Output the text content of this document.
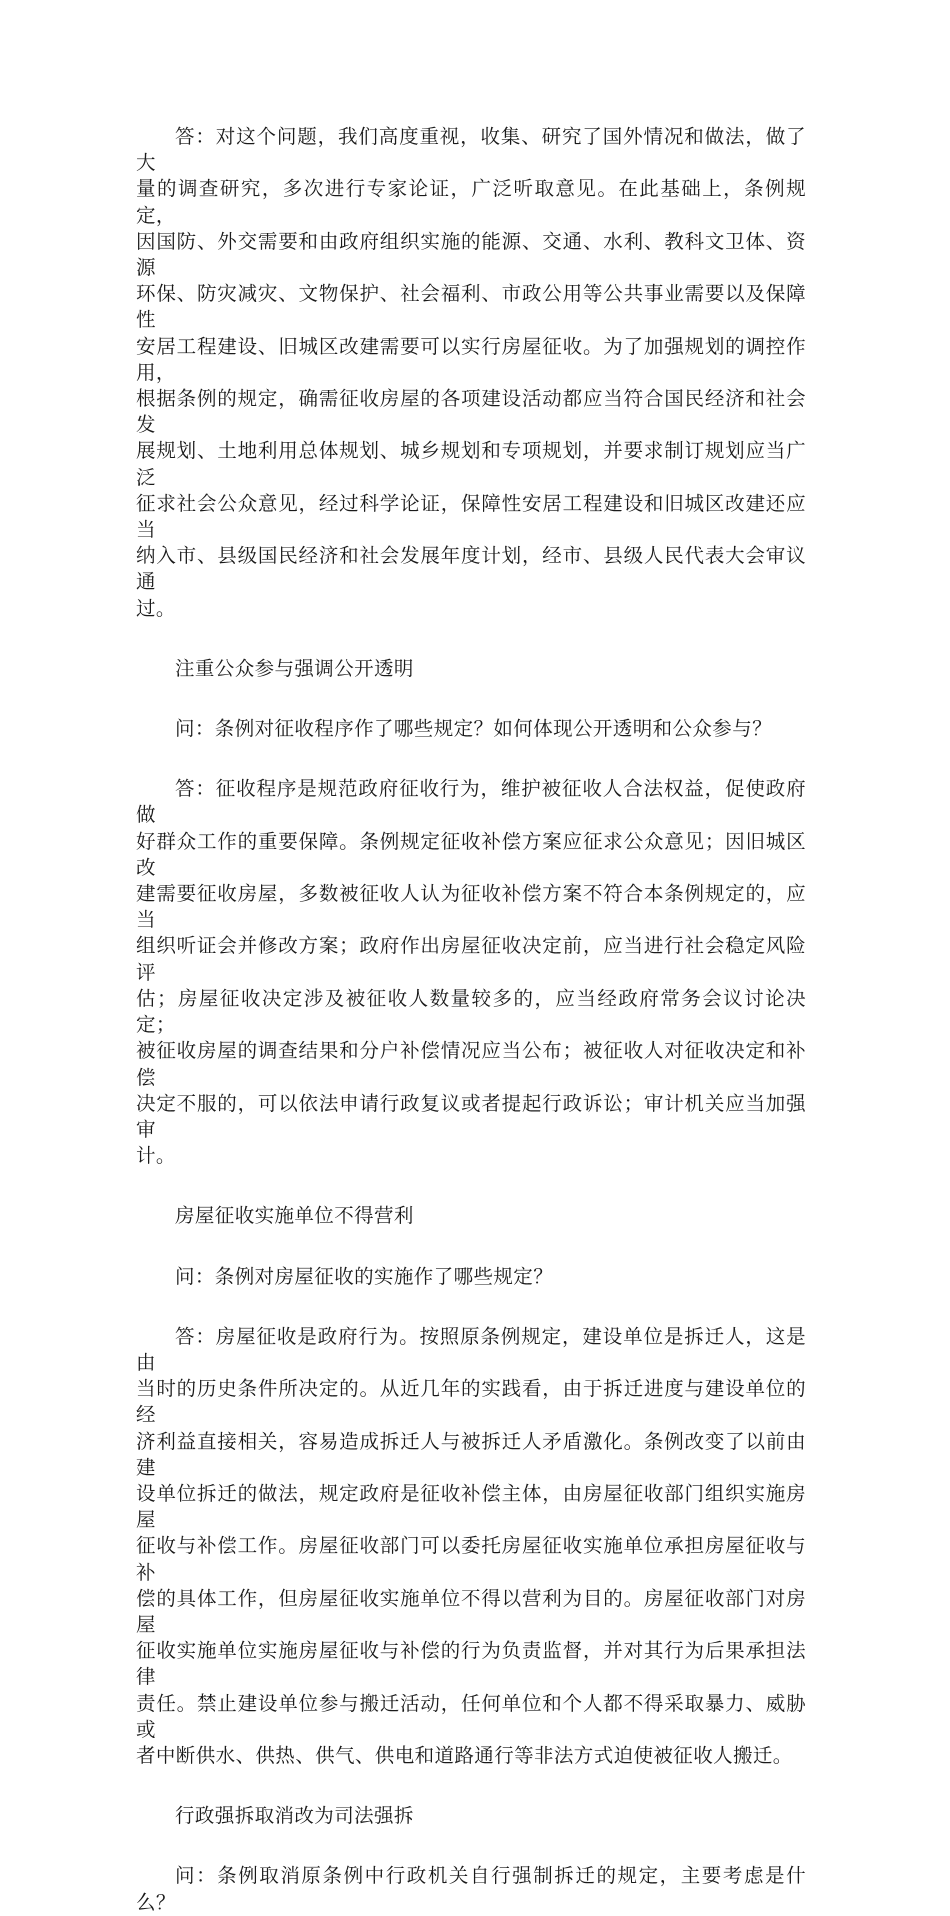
答：对这个问题，我们高度重视，收集、研究了国外情况和做法，做了大
量的调查研究，多次进行专家论证，广泛听取意见。在此基础上，条例规定，
因国防、外交需要和由政府组织实施的能源、交通、水利、教科文卫体、资源
环保、防灾减灾、文物保护、社会福利、市政公用等公共事业需要以及保障性
安居工程建设、旧城区改建需要可以实行房屋征收。为了加强规划的调控作用，
根据条例的规定，确需征收房屋的各项建设活动都应当符合国民经济和社会发
展规划、土地利用总体规划、城乡规划和专项规划，并要求制订规划应当广泛
征求社会公众意见，经过科学论证，保障性安居工程建设和旧城区改建还应当
纳入市、县级国民经济和社会发展年度计划，经市、县级人民代表大会审议通
过。

注重公众参与强调公开透明

问：条例对征收程序作了哪些规定？如何体现公开透明和公众参与？

答：征收程序是规范政府征收行为，维护被征收人合法权益，促使政府做
好群众工作的重要保障。条例规定征收补偿方案应征求公众意见；因旧城区改
建需要征收房屋，多数被征收人认为征收补偿方案不符合本条例规定的，应当
组织听证会并修改方案；政府作出房屋征收决定前，应当进行社会稳定风险评
估；房屋征收决定涉及被征收人数量较多的，应当经政府常务会议讨论决定；
被征收房屋的调查结果和分户补偿情况应当公布；被征收人对征收决定和补偿
决定不服的，可以依法申请行政复议或者提起行政诉讼；审计机关应当加强审
计。

房屋征收实施单位不得营利

问：条例对房屋征收的实施作了哪些规定？

答：房屋征收是政府行为。按照原条例规定，建设单位是拆迁人，这是由
当时的历史条件所决定的。从近几年的实践看，由于拆迁进度与建设单位的经
济利益直接相关，容易造成拆迁人与被拆迁人矛盾激化。条例改变了以前由建
设单位拆迁的做法，规定政府是征收补偿主体，由房屋征收部门组织实施房屋
征收与补偿工作。房屋征收部门可以委托房屋征收实施单位承担房屋征收与补
偿的具体工作，但房屋征收实施单位不得以营利为目的。房屋征收部门对房屋
征收实施单位实施房屋征收与补偿的行为负责监督，并对其行为后果承担法律
责任。禁止建设单位参与搬迁活动，任何单位和个人都不得采取暴力、威胁或
者中断供水、供热、供气、供电和道路通行等非法方式迫使被征收人搬迁。

行政强拆取消改为司法强拆

问：条例取消原条例中行政机关自行强制拆迁的规定，主要考虑是什么？
